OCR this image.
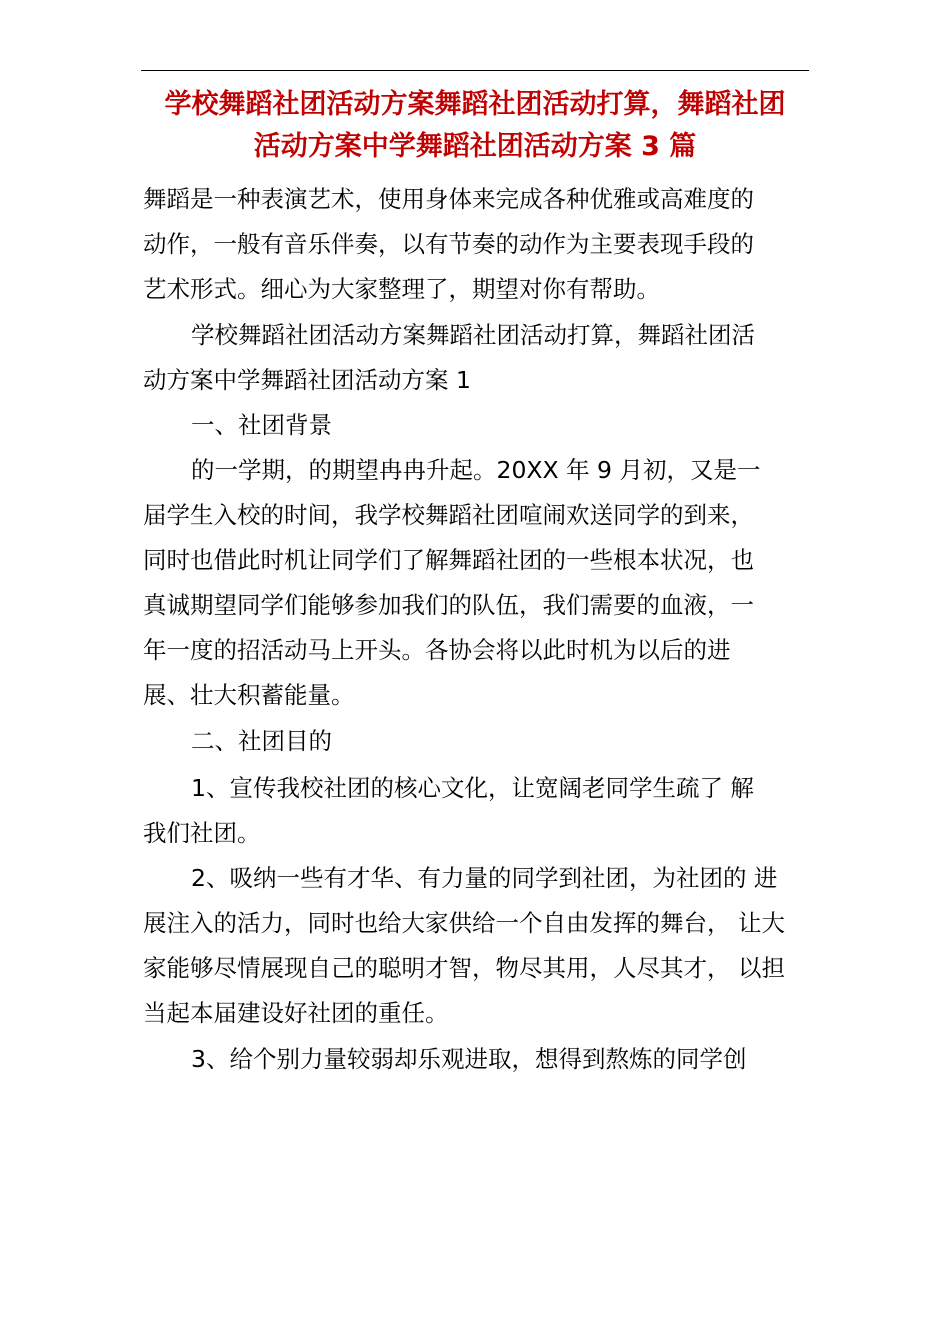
学校舞蹈社团活动方案舞蹈社团活动打算，舞蹈社团
活动方案中学舞蹈社团活动方案 3 篇

舞蹈是一种表演艺术，使用身体来完成各种优雅或高难度的
动作，一般有音乐伴奏，以有节奏的动作为主要表现手段的
艺术形式。细心为大家整理了，期望对你有帮助。

学校舞蹈社团活动方案舞蹈社团活动打算，舞蹈社团活
动方案中学舞蹈社团活动方案 1

一、社团背景

的一学期，的期望冉冉升起。20XX 年 9 月初，又是一
届学生入校的时间，我学校舞蹈社团喧闹欢送同学的到来，
同时也借此时机让同学们了解舞蹈社团的一些根本状况，也
真诚期望同学们能够参加我们的队伍，我们需要的血液，一
年一度的招活动马上开头。各协会将以此时机为以后的进
展、壮大积蓄能量。

二、社团目的

1、宣传我校社团的核心文化，让宽阔老同学生疏了 解
我们社团。

2、吸纳一些有才华、有力量的同学到社团，为社团的 进
展注入的活力，同时也给大家供给一个自由发挥的舞台， 让大
家能够尽情展现自己的聪明才智，物尽其用，人尽其才， 以担
当起本届建设好社团的重任。

3、给个别力量较弱却乐观进取，想得到熬炼的同学创
